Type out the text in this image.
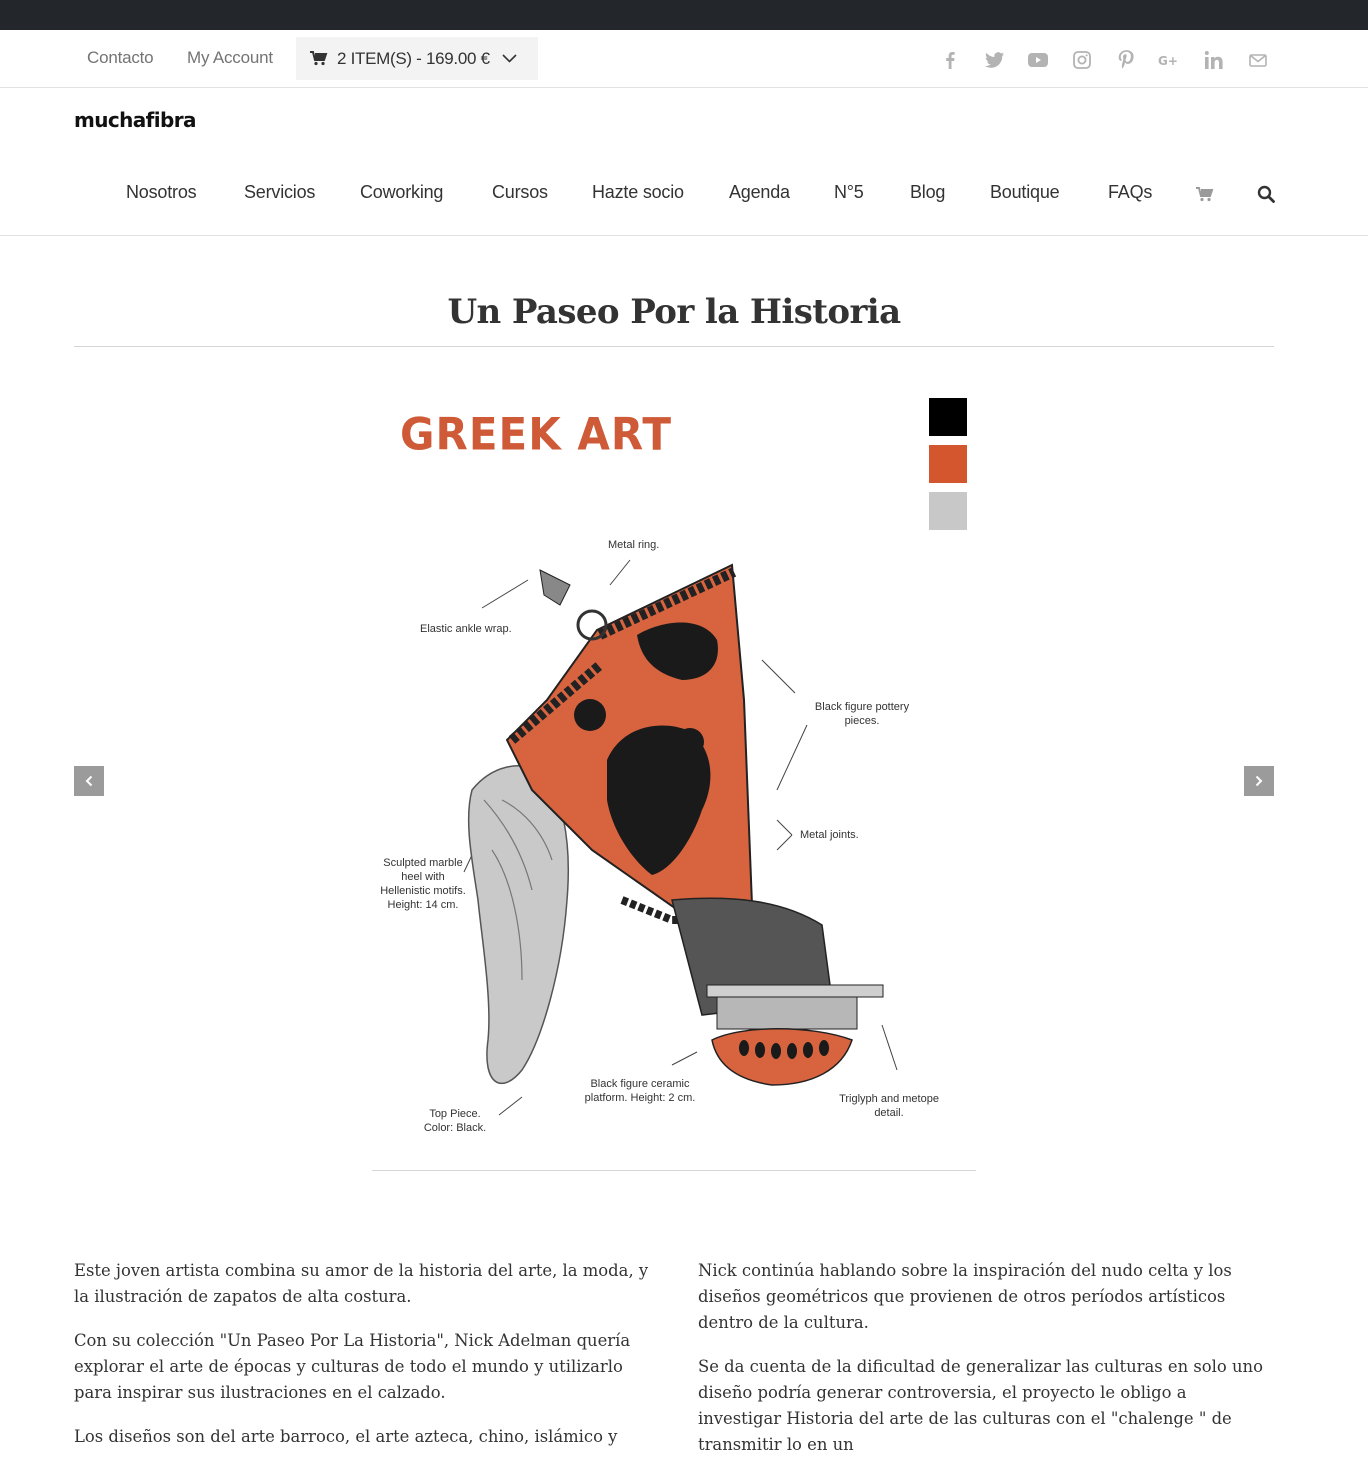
Contacto My Account	2 ITEM(S) - 169.00 €	G+
muchafibra
Nosotros	Servicios Coworking	Cursos Hazte socio	Agenda N°5	Blog Boutique	FAQs
Un Paseo Por la Historia
GREEK ART
Metal ring.
Elastic ankle wrap.
Black figure pottery pieces.
Metal joints.
Sculpted marble heel with Hellenistic motifs. Height: 14 cm.
Black figure ceramic platform. Height: 2 cm.	Triglyph and metope detail.
Top Piece. Color: Black.

Este joven artista combina su amor de la historia del arte, la moda, y la ilustración de zapatos de alta costura.

Con su colección "Un Paseo Por La Historia", Nick Adelman quería explorar el arte de épocas y culturas de todo el mundo y utilizarlo para inspirar sus ilustraciones en el calzado.

Los diseños son del arte barroco, el arte azteca, chino, islámico y

Nick continúa hablando sobre la inspiración del nudo celta y los diseños geométricos que provienen de otros períodos artísticos dentro de la cultura.

Se da cuenta de la dificultad de generalizar las culturas en solo uno diseño podría generar controversia, el proyecto le obligo a investigar Historia del arte de las culturas con el "chalenge " de transmitir lo en un
